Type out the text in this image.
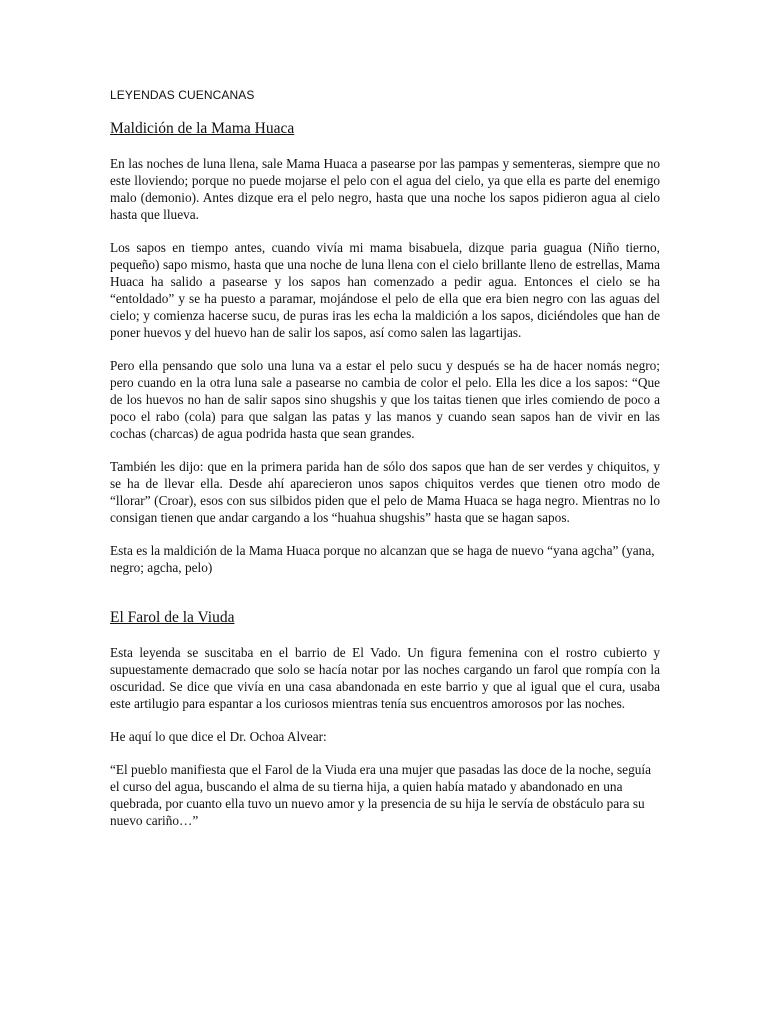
LEYENDAS CUENCANAS
Maldición de la Mama Huaca

En las noches de luna llena, sale Mama Huaca a pasearse por las pampas y sementeras, siempre que no este lloviendo; porque no puede mojarse el pelo con el agua del cielo, ya que ella es parte del enemigo malo (demonio). Antes dizque era el pelo negro, hasta que una noche los sapos pidieron agua al cielo hasta que llueva.

Los sapos en tiempo antes, cuando vivía mi mama bisabuela, dizque paria guagua (Niño tierno, pequeño) sapo mismo, hasta que una noche de luna llena con el cielo brillante lleno de estrellas, Mama Huaca ha salido a pasearse y los sapos han comenzado a pedir agua. Entonces el cielo se ha “entoldado” y se ha puesto a paramar, mojándose el pelo de ella que era bien negro con las aguas del cielo; y comienza hacerse sucu, de puras iras les echa la maldición a los sapos, diciéndoles que han de poner huevos y del huevo han de salir los sapos, así como salen las lagartijas.

Pero ella pensando que solo una luna va a estar el pelo sucu y después se ha de hacer nomás negro; pero cuando en la otra luna sale a pasearse no cambia de color el pelo. Ella les dice a los sapos: “Que de los huevos no han de salir sapos sino shugshis y que los taitas tienen que irles comiendo de poco a poco el rabo (cola) para que salgan las patas y las manos y cuando sean sapos han de vivir en las cochas (charcas) de agua podrida hasta que sean grandes.

También les dijo: que en la primera parida han de sólo dos sapos que han de ser verdes y chiquitos, y se ha de llevar ella. Desde ahí aparecieron unos sapos chiquitos verdes que tienen otro modo de “llorar” (Croar), esos con sus silbidos piden que el pelo de Mama Huaca se haga negro. Mientras no lo consigan tienen que andar cargando a los “huahua shugshis” hasta que se hagan sapos.

Esta es la maldición de la Mama Huaca porque no alcanzan que se haga de nuevo “yana agcha” (yana, negro; agcha, pelo)

El Farol de la Viuda

Esta leyenda se suscitaba en el barrio de El Vado. Un figura femenina con el rostro cubierto y supuestamente demacrado que solo se hacía notar por las noches cargando un farol que rompía con la oscuridad. Se dice que vivía en una casa abandonada en este barrio y que al igual que el cura, usaba este artilugio para espantar a los curiosos mientras tenía sus encuentros amorosos por las noches.

He aquí lo que dice el Dr. Ochoa Alvear:

“El pueblo manifiesta que el Farol de la Viuda era una mujer que pasadas las doce de la noche, seguía el curso del agua, buscando el alma de su tierna hija, a quien había matado y abandonado en una quebrada, por cuanto ella tuvo un nuevo amor y la presencia de su hija le servía de obstáculo para su nuevo cariño…”
